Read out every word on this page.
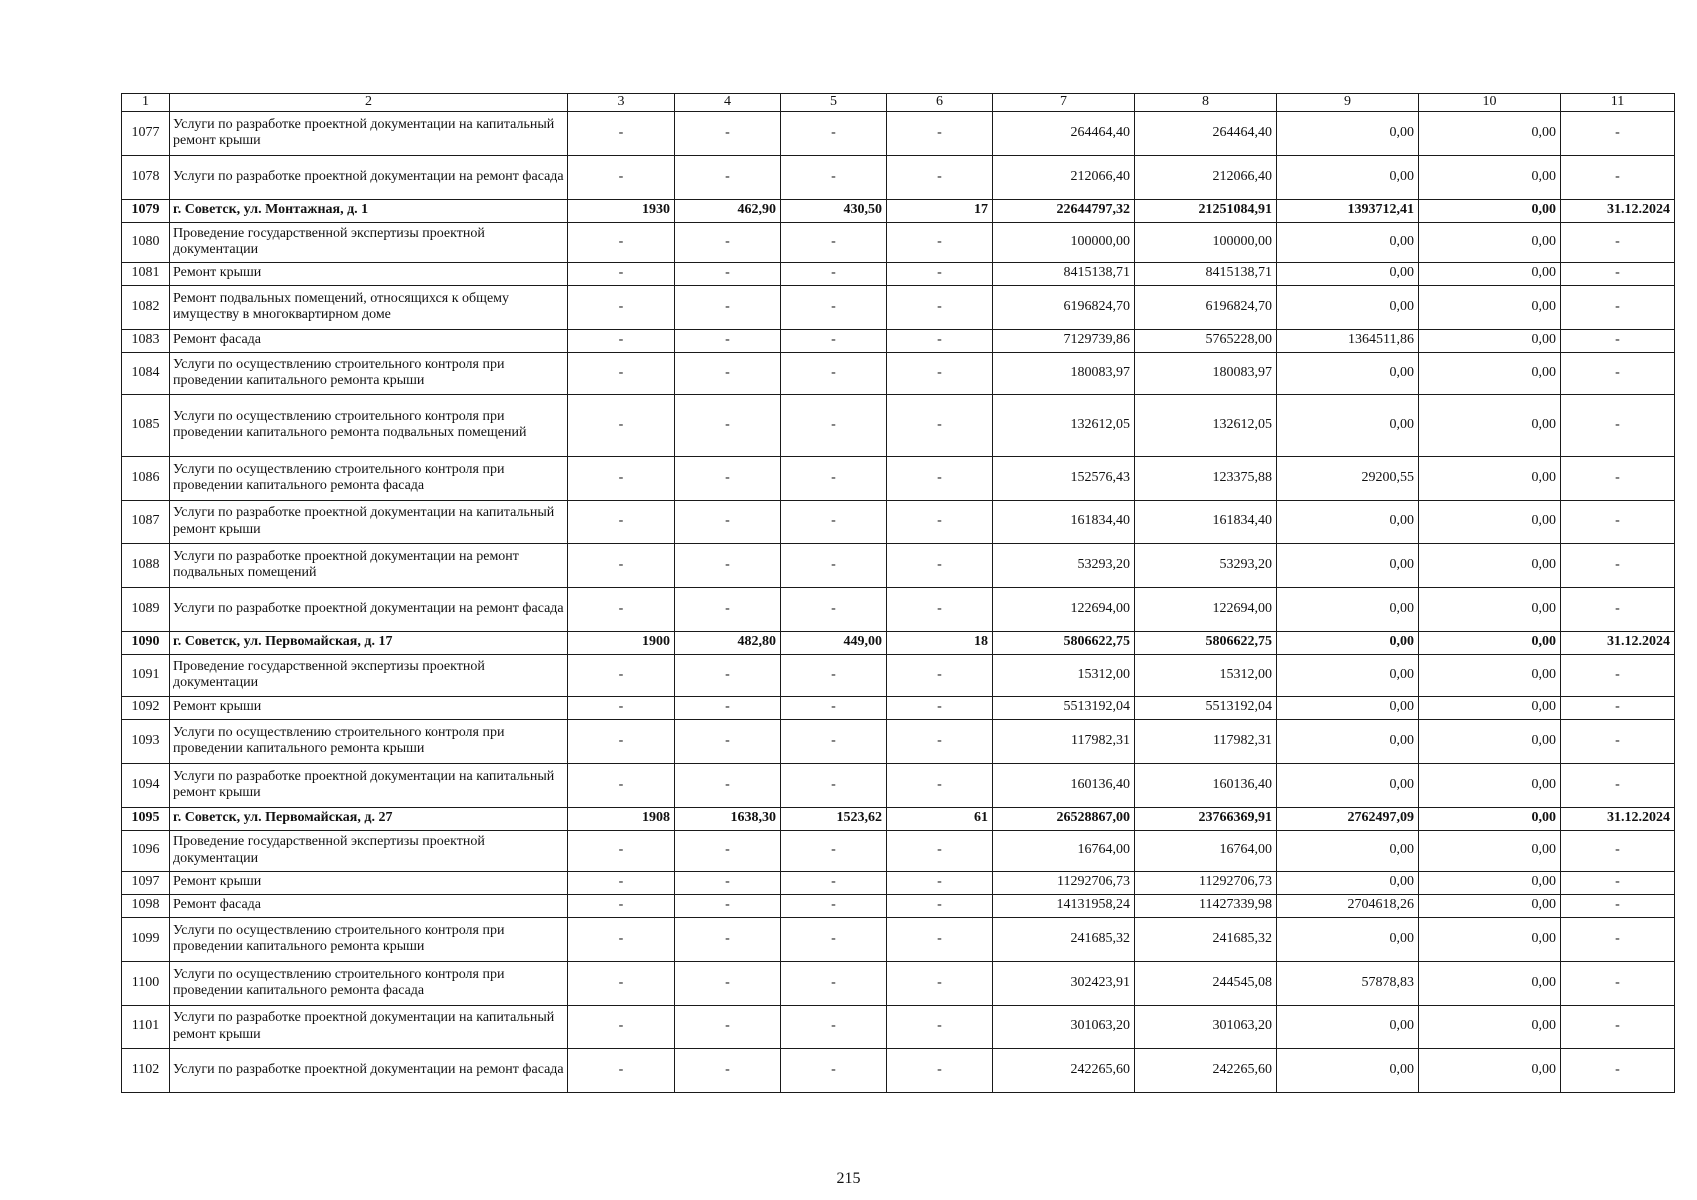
1	2	3	4	5	6	7	8	9	10	11
1077	Услуги по разработке проектной документации на капитальный ремонт крыши	-	-	-	-	264464,40	264464,40	0,00	0,00	-
1078	Услуги по разработке проектной документации на ремонт фасада	-	-	-	-	212066,40	212066,40	0,00	0,00	-
1079	г. Советск, ул. Монтажная, д. 1	1930	462,90	430,50	17	22644797,32	21251084,91	1393712,41	0,00	31.12.2024
1080	Проведение государственной экспертизы проектной документации	-	-	-	-	100000,00	100000,00	0,00	0,00	-
1081	Ремонт крыши	-	-	-	-	8415138,71	8415138,71	0,00	0,00	-
1082	Ремонт подвальных помещений, относящихся к общему имуществу в многоквартирном доме	-	-	-	-	6196824,70	6196824,70	0,00	0,00	-
1083	Ремонт фасада	-	-	-	-	7129739,86	5765228,00	1364511,86	0,00	-
1084	Услуги по осуществлению строительного контроля при проведении капитального ремонта крыши	-	-	-	-	180083,97	180083,97	0,00	0,00	-
1085	Услуги по осуществлению строительного контроля при проведении капитального ремонта подвальных помещений	-	-	-	-	132612,05	132612,05	0,00	0,00	-
1086	Услуги по осуществлению строительного контроля при проведении капитального ремонта фасада	-	-	-	-	152576,43	123375,88	29200,55	0,00	-
1087	Услуги по разработке проектной документации на капитальный ремонт крыши	-	-	-	-	161834,40	161834,40	0,00	0,00	-
1088	Услуги по разработке проектной документации на ремонт подвальных помещений	-	-	-	-	53293,20	53293,20	0,00	0,00	-
1089	Услуги по разработке проектной документации на ремонт фасада	-	-	-	-	122694,00	122694,00	0,00	0,00	-
1090	г. Советск, ул. Первомайская, д. 17	1900	482,80	449,00	18	5806622,75	5806622,75	0,00	0,00	31.12.2024
1091	Проведение государственной экспертизы проектной документации	-	-	-	-	15312,00	15312,00	0,00	0,00	-
1092	Ремонт крыши	-	-	-	-	5513192,04	5513192,04	0,00	0,00	-
1093	Услуги по осуществлению строительного контроля при проведении капитального ремонта крыши	-	-	-	-	117982,31	117982,31	0,00	0,00	-
1094	Услуги по разработке проектной документации на капитальный ремонт крыши	-	-	-	-	160136,40	160136,40	0,00	0,00	-
1095	г. Советск, ул. Первомайская, д. 27	1908	1638,30	1523,62	61	26528867,00	23766369,91	2762497,09	0,00	31.12.2024
1096	Проведение государственной экспертизы проектной документации	-	-	-	-	16764,00	16764,00	0,00	0,00	-
1097	Ремонт крыши	-	-	-	-	11292706,73	11292706,73	0,00	0,00	-
1098	Ремонт фасада	-	-	-	-	14131958,24	11427339,98	2704618,26	0,00	-
1099	Услуги по осуществлению строительного контроля при проведении капитального ремонта крыши	-	-	-	-	241685,32	241685,32	0,00	0,00	-
1100	Услуги по осуществлению строительного контроля при проведении капитального ремонта фасада	-	-	-	-	302423,91	244545,08	57878,83	0,00	-
1101	Услуги по разработке проектной документации на капитальный ремонт крыши	-	-	-	-	301063,20	301063,20	0,00	0,00	-
1102	Услуги по разработке проектной документации на ремонт фасада	-	-	-	-	242265,60	242265,60	0,00	0,00	-
215
